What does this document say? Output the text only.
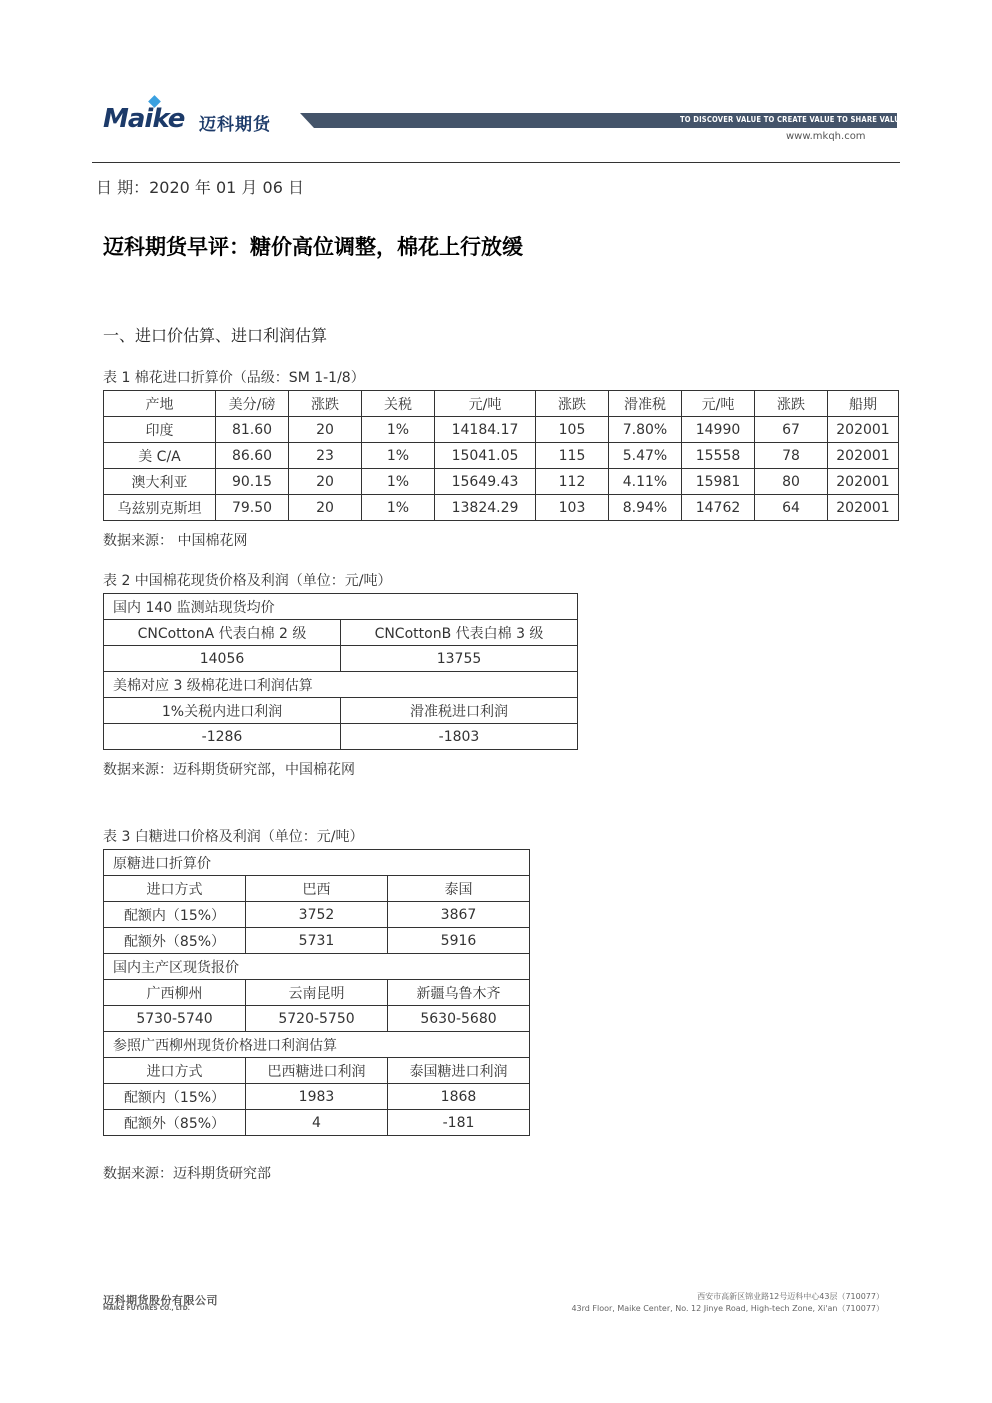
Maike 迈科期货	TO DISCOVER VALUE TO CREATE VALUE TO SHARE VALUE
www.mkqh.com
日 期：2020 年 01 月 06 日
迈科期货早评：糖价高位调整，棉花上行放缓
一、进口价估算、进口利润估算
表 1 棉花进口折算价（品级：SM 1-1/8）
产地	美分/磅	涨跌	关税	元/吨	涨跌	滑准税	元/吨	涨跌	船期
印度	81.60	20	1%	14184.17	105	7.80%	14990	67	202001
美 C/A	86.60	23	1%	15041.05	115	5.47%	15558	78	202001
澳大利亚	90.15	20	1%	15649.43	112	4.11%	15981	80	202001
乌兹别克斯坦	79.50	20	1%	13824.29	103	8.94%	14762	64	202001
数据来源： 中国棉花网
表 2 中国棉花现货价格及利润（单位：元/吨）
国内 140 监测站现货均价	
CNCottonA 代表白棉 2 级	CNCottonB 代表白棉 3 级
14056	13755
美棉对应 3 级棉花进口利润估算	
1%关税内进口利润	滑准税进口利润
-1286	-1803
数据来源：迈科期货研究部，中国棉花网
表 3 白糖进口价格及利润（单位：元/吨）
原糖进口折算价		
进口方式	巴西	泰国
配额内（15%）	3752	3867
配额外（85%）	5731	5916
国内主产区现货报价		
广西柳州	云南昆明	新疆乌鲁木齐
5730-5740	5720-5750	5630-5680
参照广西柳州现货价格进口利润估算		
进口方式	巴西糖进口利润	泰国糖进口利润
配额内（15%）	1983	1868
配额外（85%）	4	-181
数据来源：迈科期货研究部
迈科期货股份有限公司
MAIKE FUTURES CO., LTD.
西安市高新区锦业路12号迈科中心43层（710077）
43rd Floor, Maike Center, No. 12 Jinye Road, High-tech Zone, Xi'an（710077）
